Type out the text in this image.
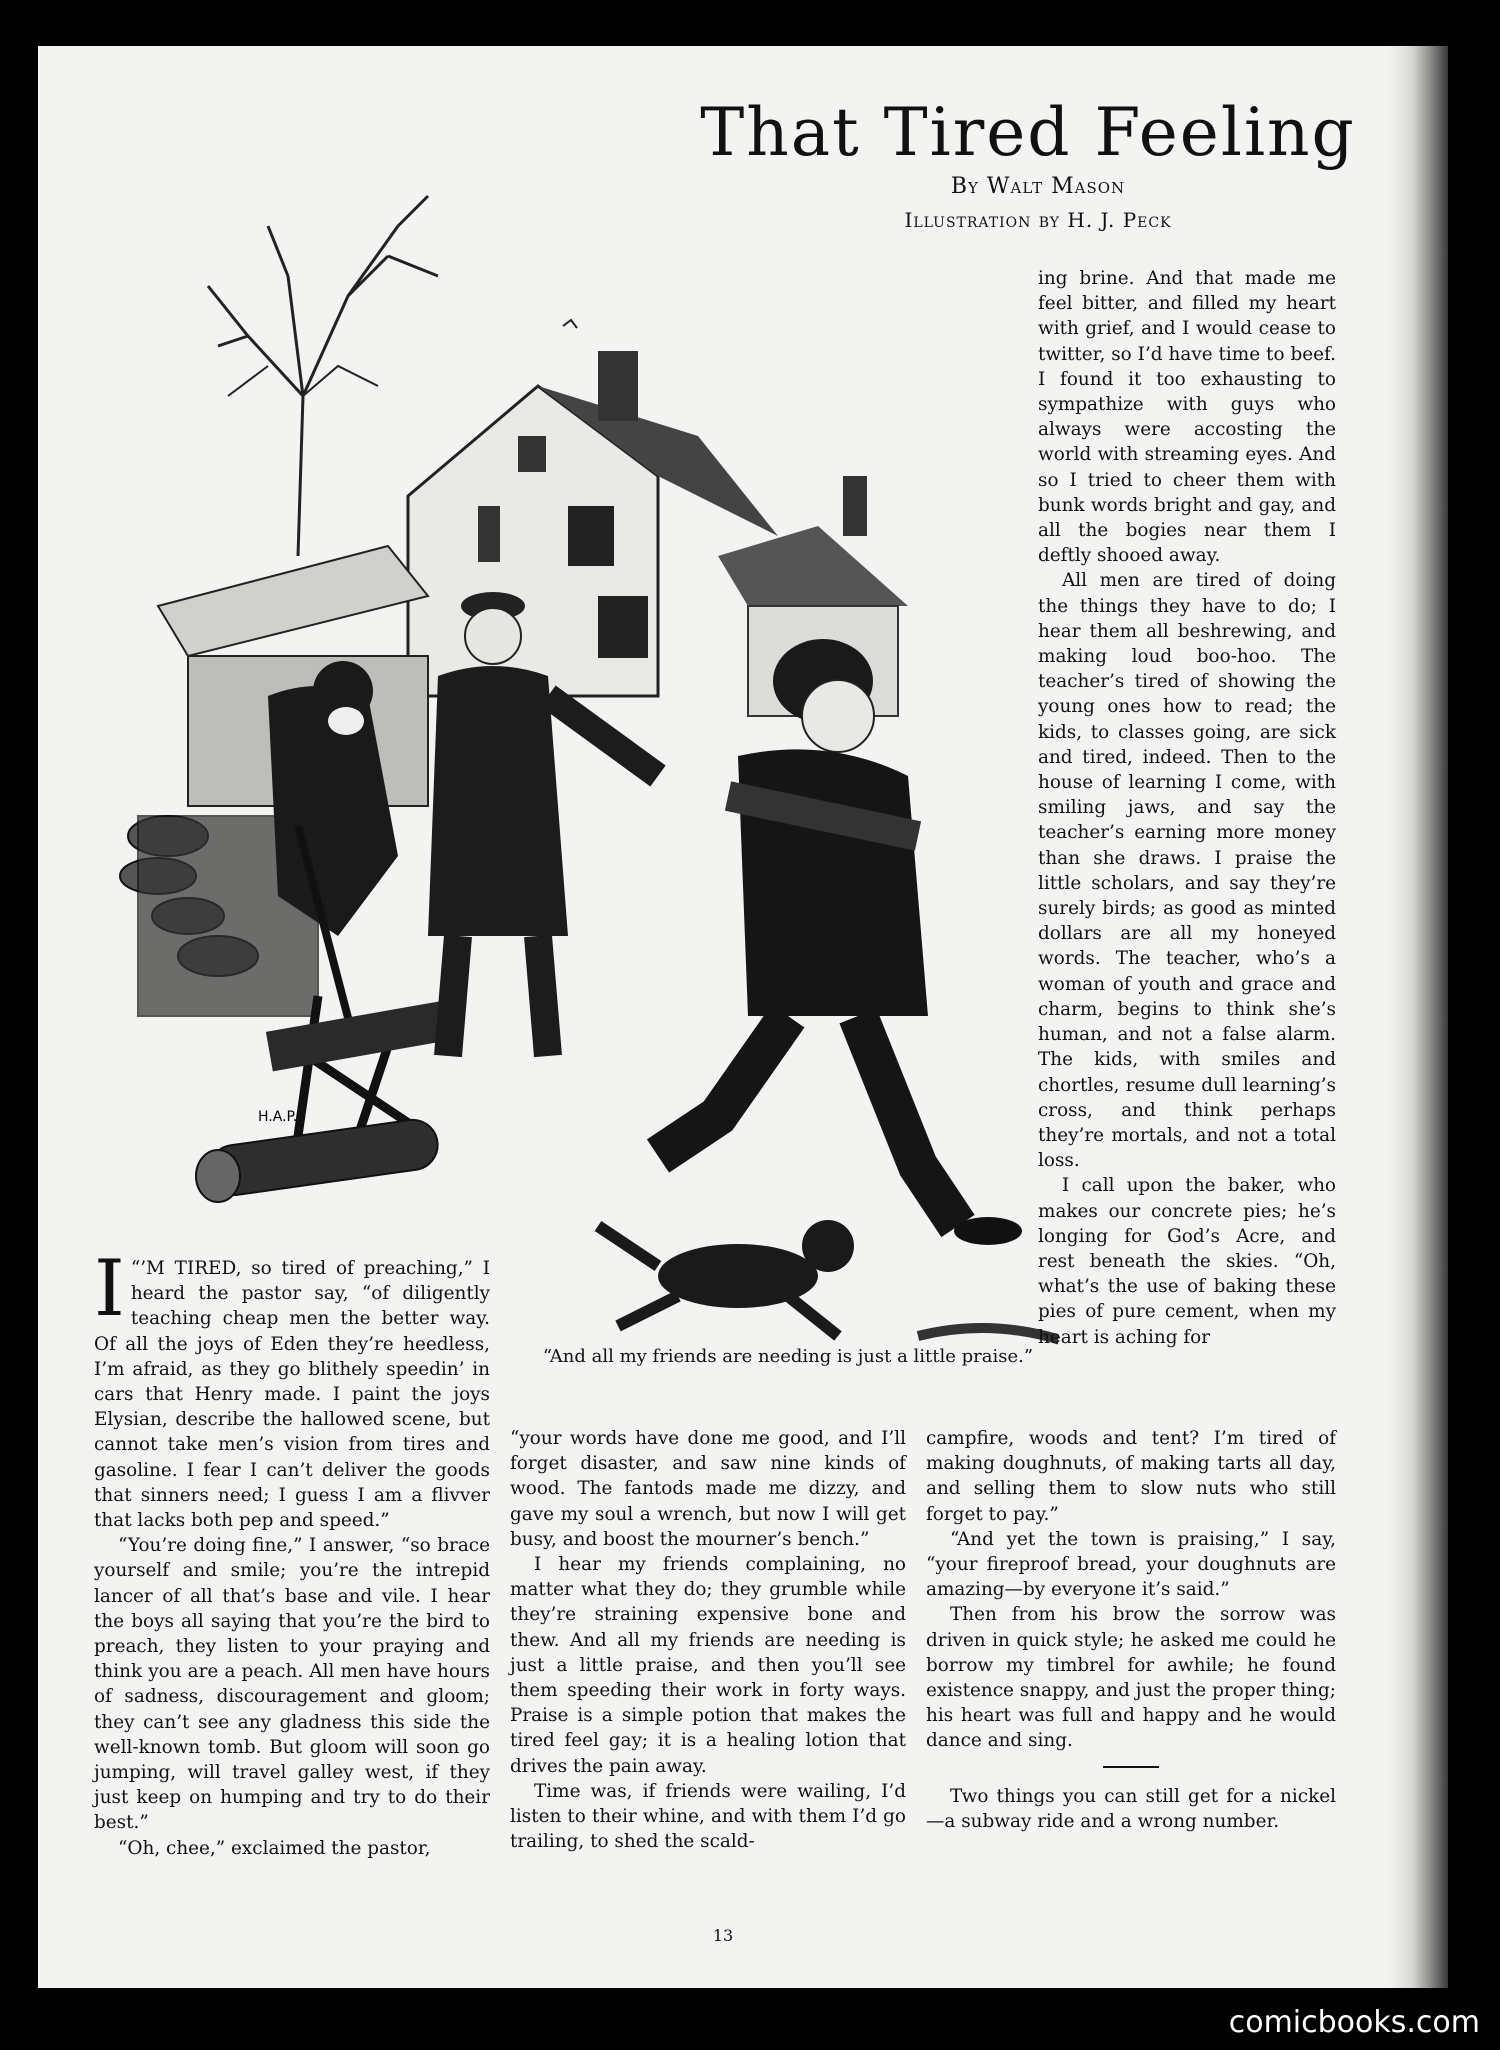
That Tired Feeling
By Walt Mason
Illustration by H. J. Peck
H.A.P.
“And all my friends are needing is just a little praise.”

I “’M TIRED, so tired of preaching,” I heard the pastor say, “of diligently teaching cheap men the better way. Of all the joys of Eden they’re heedless, I’m afraid, as they go blithely speedin’ in cars that Henry made. I paint the joys Elysian, describe the hallowed scene, but cannot take men’s vision from tires and gasoline. I fear I can’t deliver the goods that sinners need; I guess I am a flivver that lacks both pep and speed.”

“You’re doing fine,” I answer, “so brace yourself and smile; you’re the intrepid lancer of all that’s base and vile. I hear the boys all saying that you’re the bird to preach, they listen to your praying and think you are a peach. All men have hours of sadness, discouragement and gloom; they can’t see any gladness this side the well-known tomb. But gloom will soon go jumping, will travel galley west, if they just keep on humping and try to do their best.”

“Oh, chee,” exclaimed the pastor,

“your words have done me good, and I’ll forget disaster, and saw nine kinds of wood. The fantods made me dizzy, and gave my soul a wrench, but now I will get busy, and boost the mourner’s bench.”

I hear my friends complaining, no matter what they do; they grumble while they’re straining expensive bone and thew. And all my friends are needing is just a little praise, and then you’ll see them speeding their work in forty ways. Praise is a simple potion that makes the tired feel gay; it is a healing lotion that drives the pain away.

Time was, if friends were wailing, I’d listen to their whine, and with them I’d go trailing, to shed the scald-

ing brine. And that made me feel bitter, and filled my heart with grief, and I would cease to twitter, so I’d have time to beef. I found it too exhausting to sympathize with guys who always were accosting the world with streaming eyes. And so I tried to cheer them with bunk words bright and gay, and all the bogies near them I deftly shooed away.

All men are tired of doing the things they have to do; I hear them all beshrewing, and making loud boo-hoo. The teacher’s tired of showing the young ones how to read; the kids, to classes going, are sick and tired, indeed. Then to the house of learning I come, with smiling jaws, and say the teacher’s earning more money than she draws. I praise the little scholars, and say they’re surely birds; as good as minted dollars are all my honeyed words. The teacher, who’s a woman of youth and grace and charm, begins to think she’s human, and not a false alarm. The kids, with smiles and chortles, resume dull learning’s cross, and think perhaps they’re mortals, and not a total loss.

I call upon the baker, who makes our concrete pies; he’s longing for God’s Acre, and rest beneath the skies. “Oh, what’s the use of baking these pies of pure cement, when my heart is aching for

campfire, woods and tent? I’m tired of making doughnuts, of making tarts all day, and selling them to slow nuts who still forget to pay.”

“And yet the town is praising,” I say, “your fireproof bread, your doughnuts are amazing—by everyone it’s said.”

Then from his brow the sorrow was driven in quick style; he asked me could he borrow my timbrel for awhile; he found existence snappy, and just the proper thing; his heart was full and happy and he would dance and sing.

Two things you can still get for a nickel—a subway ride and a wrong number.

13
comicbooks.com
